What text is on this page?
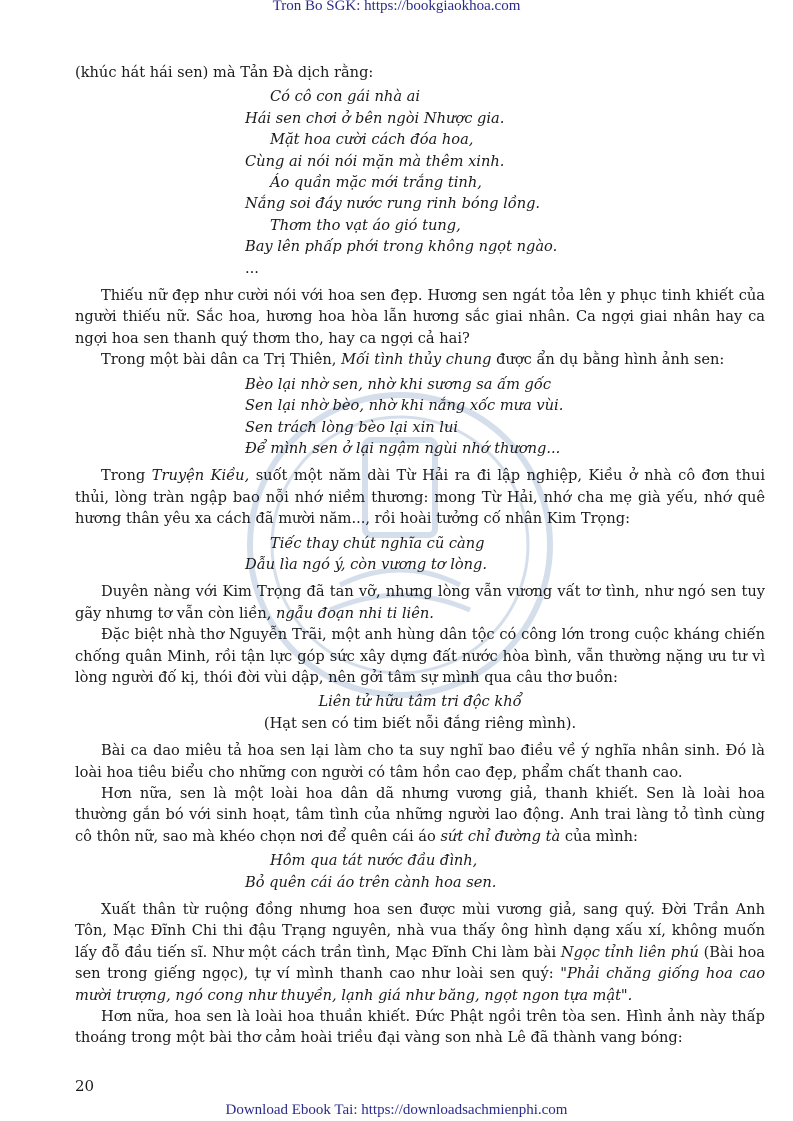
Tron Bo SGK: https://bookgiaokhoa.com

(khúc hát hái sen) mà Tản Đà dịch rằng:

Có cô con gái nhà ai
Hái sen chơi ở bên ngòi Nhược gia.
Mặt hoa cười cách đóa hoa,
Cùng ai nói nói mặn mà thêm xinh.
Áo quần mặc mới trắng tinh,
Nắng soi đáy nước rung rinh bóng lồng.
Thơm tho vạt áo gió tung,
Bay lên phấp phới trong không ngọt ngào.
...

Thiếu nữ đẹp như cười nói với hoa sen đẹp. Hương sen ngát tỏa lên y phục tinh khiết của người thiếu nữ. Sắc hoa, hương hoa hòa lẫn hương sắc giai nhân. Ca ngợi giai nhân hay ca ngợi hoa sen thanh quý thơm tho, hay ca ngợi cả hai?

Trong một bài dân ca Trị Thiên, Mối tình thủy chung được ẩn dụ bằng hình ảnh sen:

Bèo lại nhờ sen, nhờ khi sương sa ấm gốc
Sen lại nhờ bèo, nhờ khi nắng xốc mưa vùi.
Sen trách lòng bèo lại xin lui
Để mình sen ở lại ngậm ngùi nhớ thương...

Trong Truyện Kiều, suốt một năm dài Từ Hải ra đi lập nghiệp, Kiều ở nhà cô đơn thui thủi, lòng tràn ngập bao nỗi nhớ niềm thương: mong Từ Hải, nhớ cha mẹ già yếu, nhớ quê hương thân yêu xa cách đã mười năm..., rồi hoài tưởng cố nhân Kim Trọng:

Tiếc thay chút nghĩa cũ càng
Dẫu lìa ngó ý, còn vương tơ lòng.

Duyên nàng với Kim Trọng đã tan vỡ, nhưng lòng vẫn vương vất tơ tình, như ngó sen tuy gãy nhưng tơ vẫn còn liền, ngẫu đoạn nhi ti liên.

Đặc biệt nhà thơ Nguyễn Trãi, một anh hùng dân tộc có công lớn trong cuộc kháng chiến chống quân Minh, rồi tận lực góp sức xây dựng đất nước hòa bình, vẫn thường nặng ưu tư vì lòng người đố kị, thói đời vùi dập, nên gởi tâm sự mình qua câu thơ buồn:

Liên tử hữu tâm tri độc khổ
(Hạt sen có tim biết nỗi đắng riêng mình).

Bài ca dao miêu tả hoa sen lại làm cho ta suy nghĩ bao điều về ý nghĩa nhân sinh. Đó là loài hoa tiêu biểu cho những con người có tâm hồn cao đẹp, phẩm chất thanh cao.

Hơn nữa, sen là một loài hoa dân dã nhưng vương giả, thanh khiết. Sen là loài hoa thường gắn bó với sinh hoạt, tâm tình của những người lao động. Anh trai làng tỏ tình cùng cô thôn nữ, sao mà khéo chọn nơi để quên cái áo sứt chỉ đường tà của mình:

Hôm qua tát nước đầu đình,
Bỏ quên cái áo trên cành hoa sen.

Xuất thân từ ruộng đồng nhưng hoa sen được mùi vương giả, sang quý. Đời Trần Anh Tôn, Mạc Đĩnh Chi thi đậu Trạng nguyên, nhà vua thấy ông hình dạng xấu xí, không muốn lấy đỗ đầu tiến sĩ. Như một cách trần tình, Mạc Đĩnh Chi làm bài Ngọc tỉnh liên phú (Bài hoa sen trong giếng ngọc), tự ví mình thanh cao như loài sen quý: "Phải chăng giống hoa cao mười trượng, ngó cong như thuyền, lạnh giá như băng, ngọt ngon tựa mật".

Hơn nữa, hoa sen là loài hoa thuần khiết. Đức Phật ngồi trên tòa sen. Hình ảnh này thấp thoáng trong một bài thơ cảm hoài triều đại vàng son nhà Lê đã thành vang bóng:

20
Download Ebook Tai: https://downloadsachmienphi.com
